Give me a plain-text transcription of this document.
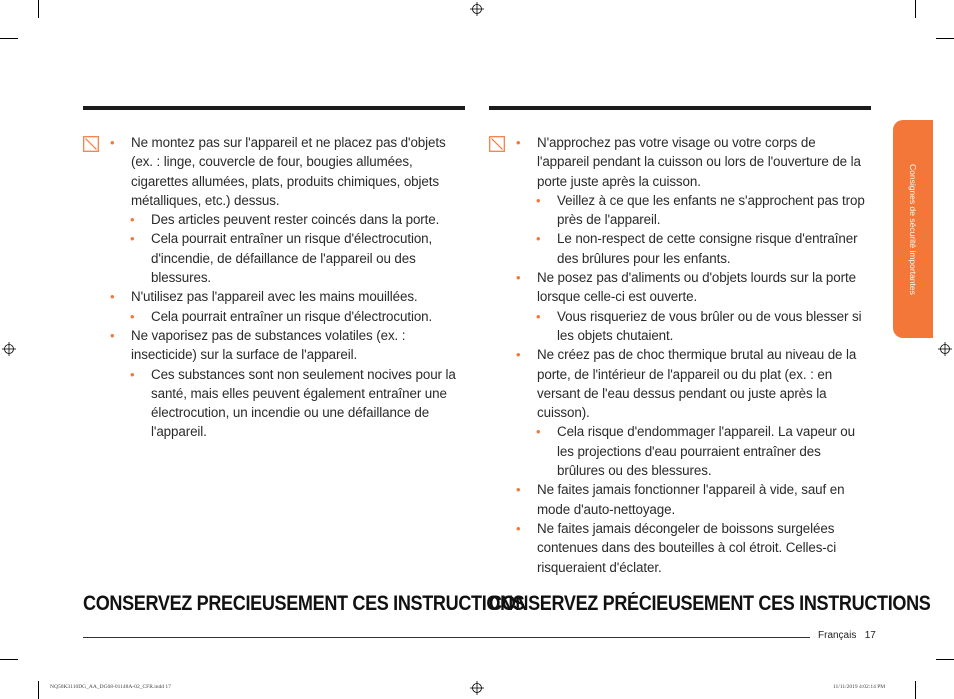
• Ne montez pas sur l'appareil et ne placez pas d'objets (ex. : linge, couvercle de four, bougies allumées, cigarettes allumées, plats, produits chimiques, objets métalliques, etc.) dessus.

• Des articles peuvent rester coincés dans la porte.

• Cela pourrait entraîner un risque d'électrocution, d'incendie, de défaillance de l'appareil ou des blessures.

• N'utilisez pas l'appareil avec les mains mouillées.

• Cela pourrait entraîner un risque d'électrocution.

• Ne vaporisez pas de substances volatiles (ex. : insecticide) sur la surface de l'appareil.

• Ces substances sont non seulement nocives pour la santé, mais elles peuvent également entraîner une électrocution, un incendie ou une défaillance de l'appareil.

• N'approchez pas votre visage ou votre corps de l'appareil pendant la cuisson ou lors de l'ouverture de la porte juste après la cuisson.

• Veillez à ce que les enfants ne s'approchent pas trop près de l'appareil.

• Le non-respect de cette consigne risque d'entraîner des brûlures pour les enfants.

• Ne posez pas d'aliments ou d'objets lourds sur la porte lorsque celle-ci est ouverte.

• Vous risqueriez de vous brûler ou de vous blesser si les objets chutaient.

• Ne créez pas de choc thermique brutal au niveau de la porte, de l'intérieur de l'appareil ou du plat (ex. : en versant de l'eau dessus pendant ou juste après la cuisson).

• Cela risque d'endommager l'appareil. La vapeur ou les projections d'eau pourraient entraîner des brûlures ou des blessures.

• Ne faites jamais fonctionner l'appareil à vide, sauf en mode d'auto-nettoyage.

• Ne faites jamais décongeler de boissons surgelées contenues dans des bouteilles à col étroit. Celles-ci risqueraient d'éclater.

CONSERVEZ PRECIEUSEMENT CES INSTRUCTIONS
CONSERVEZ PRÉCIEUSEMENT CES INSTRUCTIONS
Consignes de sécurité importantes
Français 17
NQ50K3110DG_AA_DG68-01148A-02_CFR.indd 17	11/11/2019 4:02:14 PM
